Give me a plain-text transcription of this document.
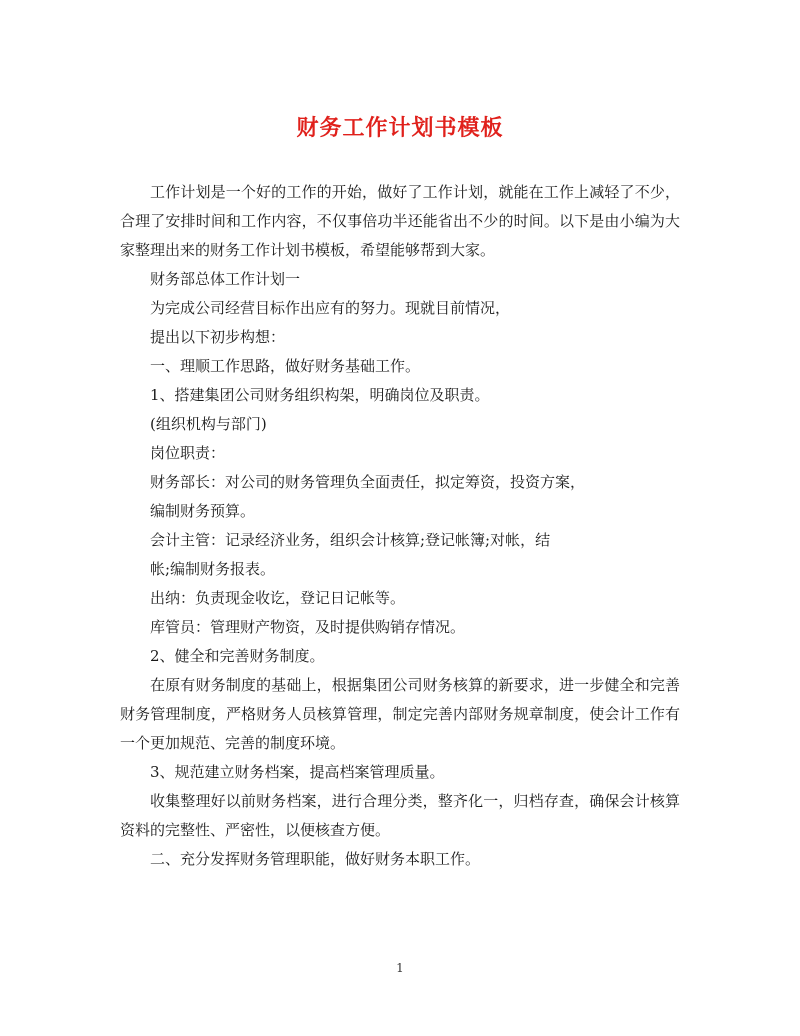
财务工作计划书模板

工作计划是一个好的工作的开始，做好了工作计划，就能在工作上减轻了不少，合理了安排时间和工作内容，不仅事倍功半还能省出不少的时间。以下是由小编为大家整理出来的财务工作计划书模板，希望能够帮到大家。

财务部总体工作计划一

为完成公司经营目标作出应有的努力。现就目前情况，

提出以下初步构想：

一、理顺工作思路，做好财务基础工作。

1、搭建集团公司财务组织构架，明确岗位及职责。

(组织机构与部门)

岗位职责：

财务部长：对公司的财务管理负全面责任，拟定筹资，投资方案，

编制财务预算。

会计主管：记录经济业务，组织会计核算;登记帐簿;对帐，结

帐;编制财务报表。

出纳：负责现金收讫，登记日记帐等。

库管员：管理财产物资，及时提供购销存情况。

2、健全和完善财务制度。

在原有财务制度的基础上，根据集团公司财务核算的新要求，进一步健全和完善财务管理制度，严格财务人员核算管理，制定完善内部财务规章制度，使会计工作有一个更加规范、完善的制度环境。

3、规范建立财务档案，提高档案管理质量。

收集整理好以前财务档案，进行合理分类，整齐化一，归档存查，确保会计核算资料的完整性、严密性，以便核查方便。

二、充分发挥财务管理职能，做好财务本职工作。

1
